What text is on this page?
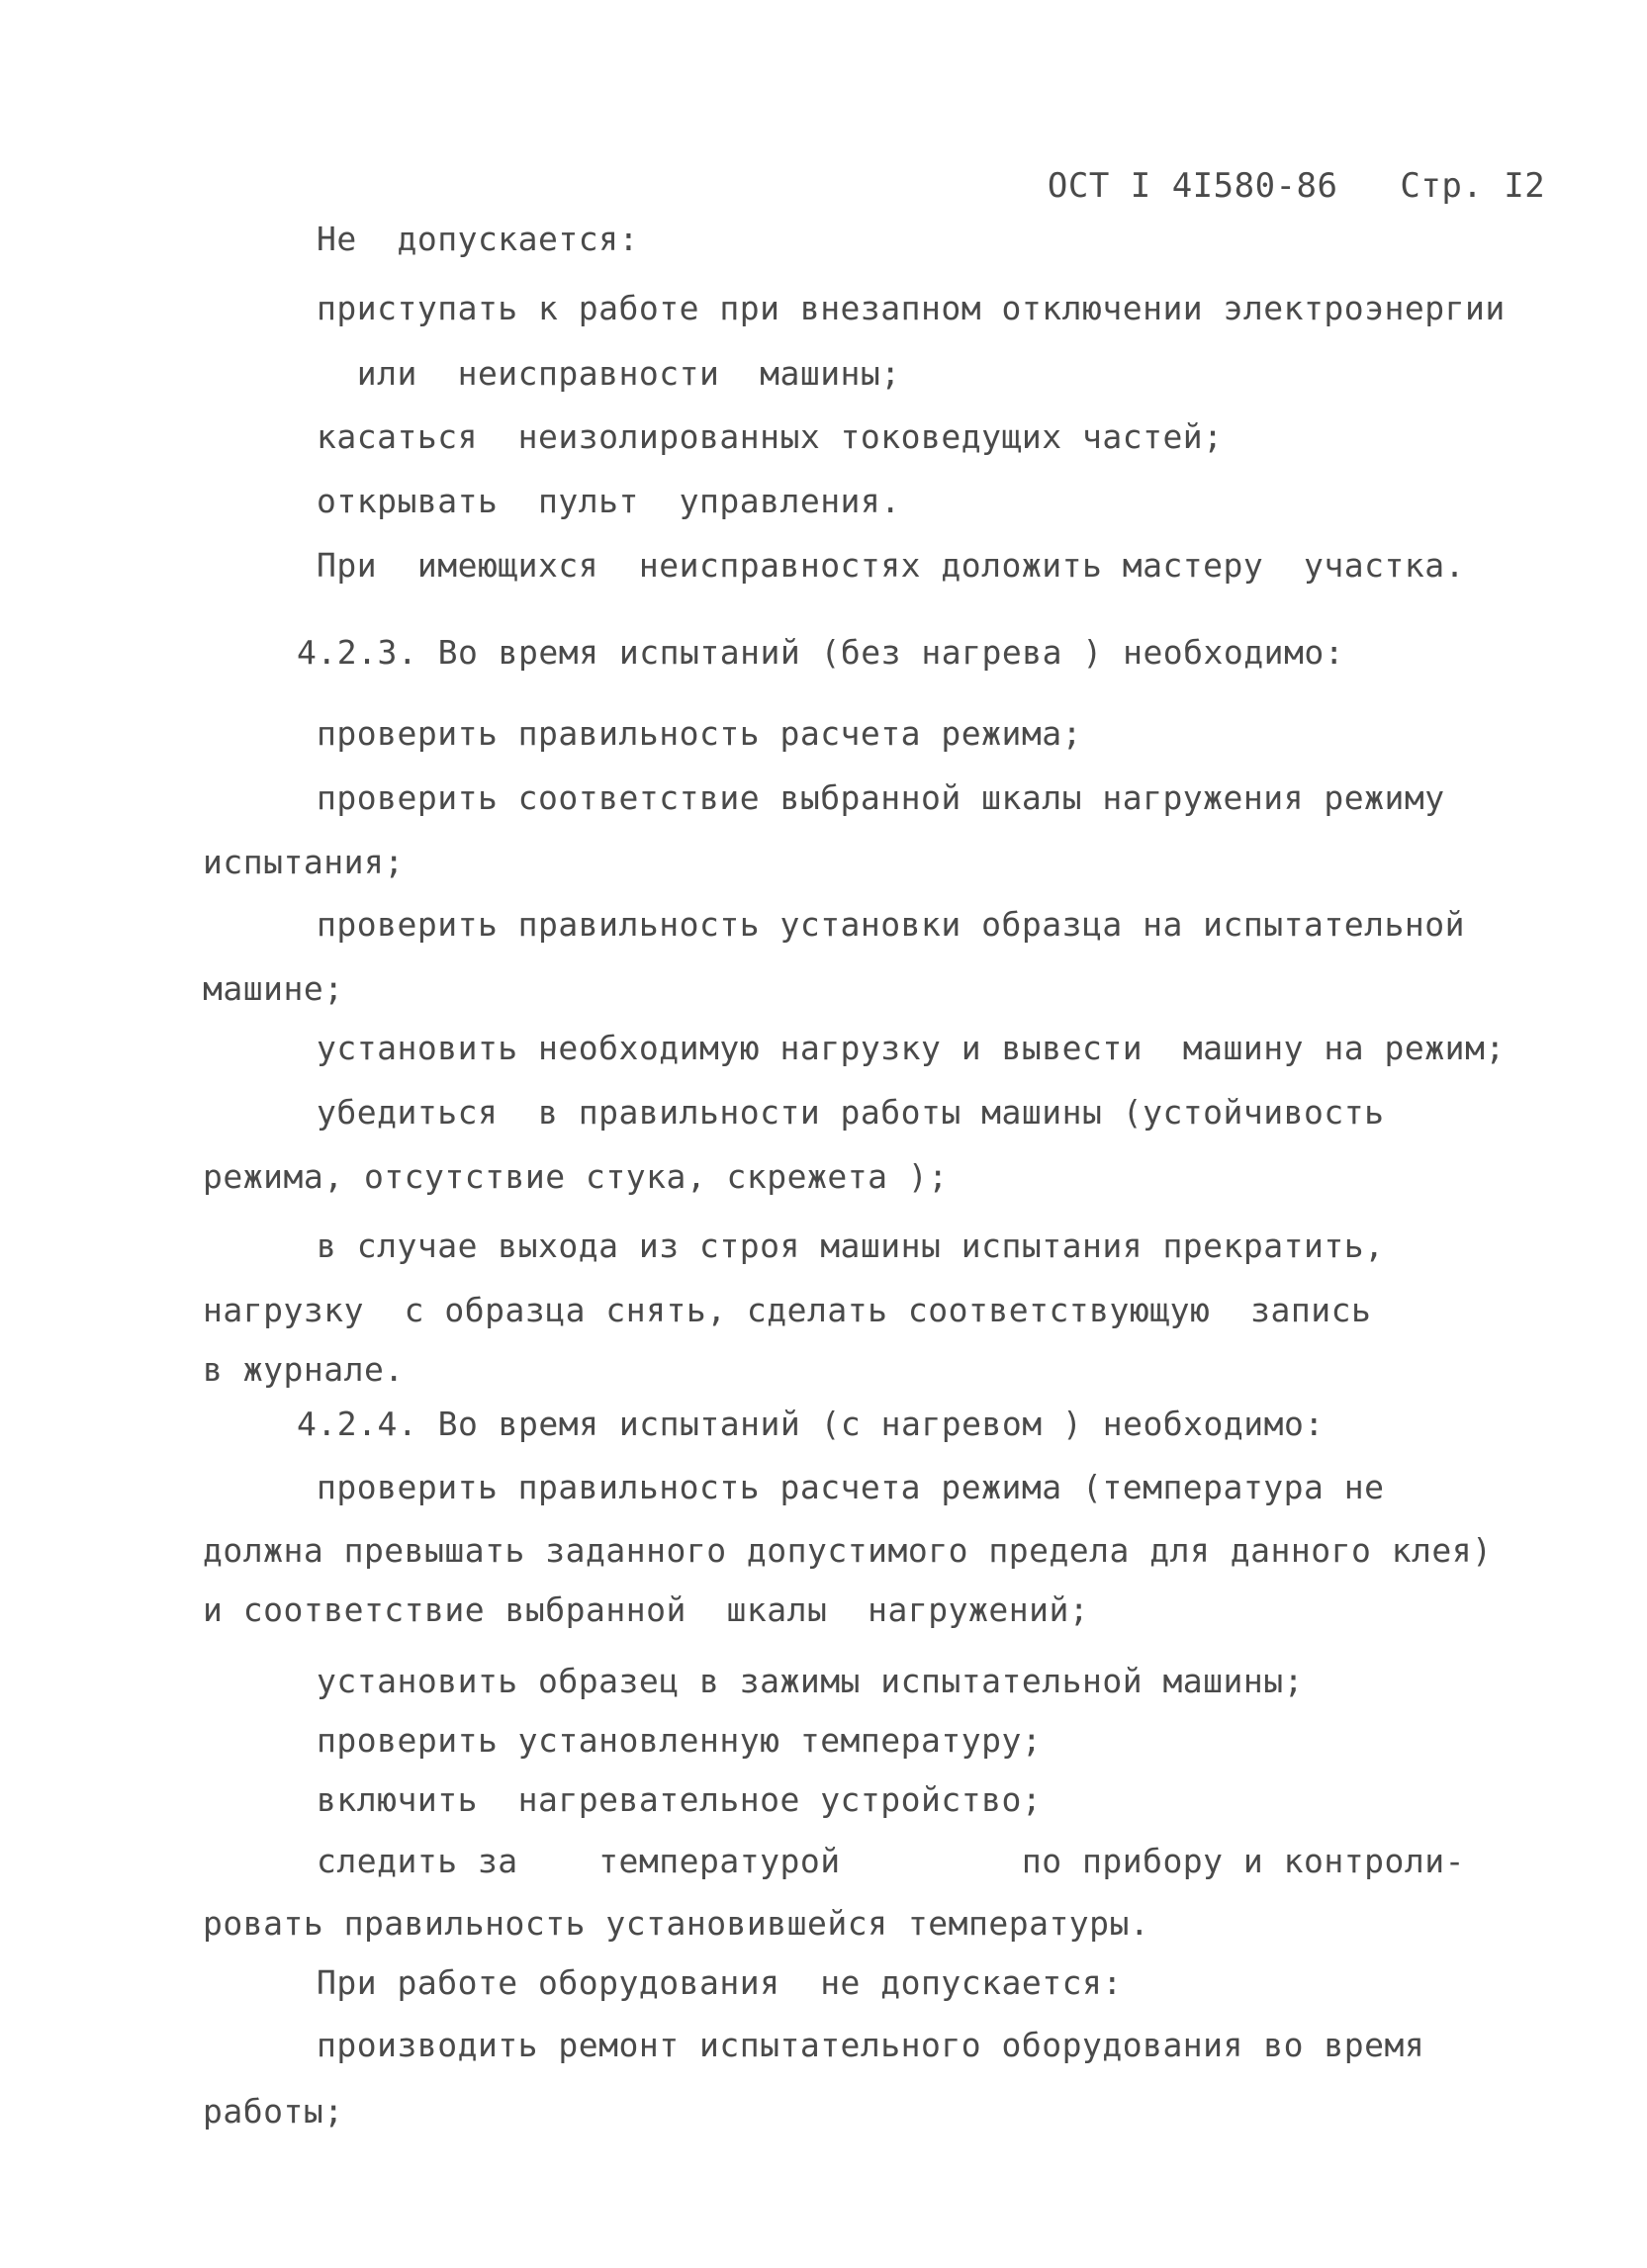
ОСТ I 4I580-86 Стр. I2

Не  допускается:
приступать к работе при внезапном отключении электроэнергии
или  неисправности  машины;
касаться  неизолированных токоведущих частей;
открывать  пульт  управления.
При  имеющихся  неисправностях доложить мастеру  участка.
4.2.3. Во время испытаний (без нагрева ) необходимо:
проверить правильность расчета режима;
проверить соответствие выбранной шкалы нагружения режиму
испытания;
проверить правильность установки образца на испытательной
машине;
установить необходимую нагрузку и вывести  машину на режим;
убедиться  в правильности работы машины (устойчивость
режима, отсутствие стука, скрежета );
в случае выхода из строя машины испытания прекратить,
нагрузку  с образца снять, сделать соответствующую  запись
в журнале.
4.2.4. Во время испытаний (с нагревом ) необходимо:
проверить правильность расчета режима (температура не
должна превышать заданного допустимого предела для данного клея)
и соответствие выбранной  шкалы  нагружений;
установить образец в зажимы испытательной машины;
проверить установленную температуру;
включить  нагревательное устройство;
следить за    температурой         по прибору и контроли-
ровать правильность установившейся температуры.
При работе оборудования  не допускается:
производить ремонт испытательного оборудования во время
работы;
